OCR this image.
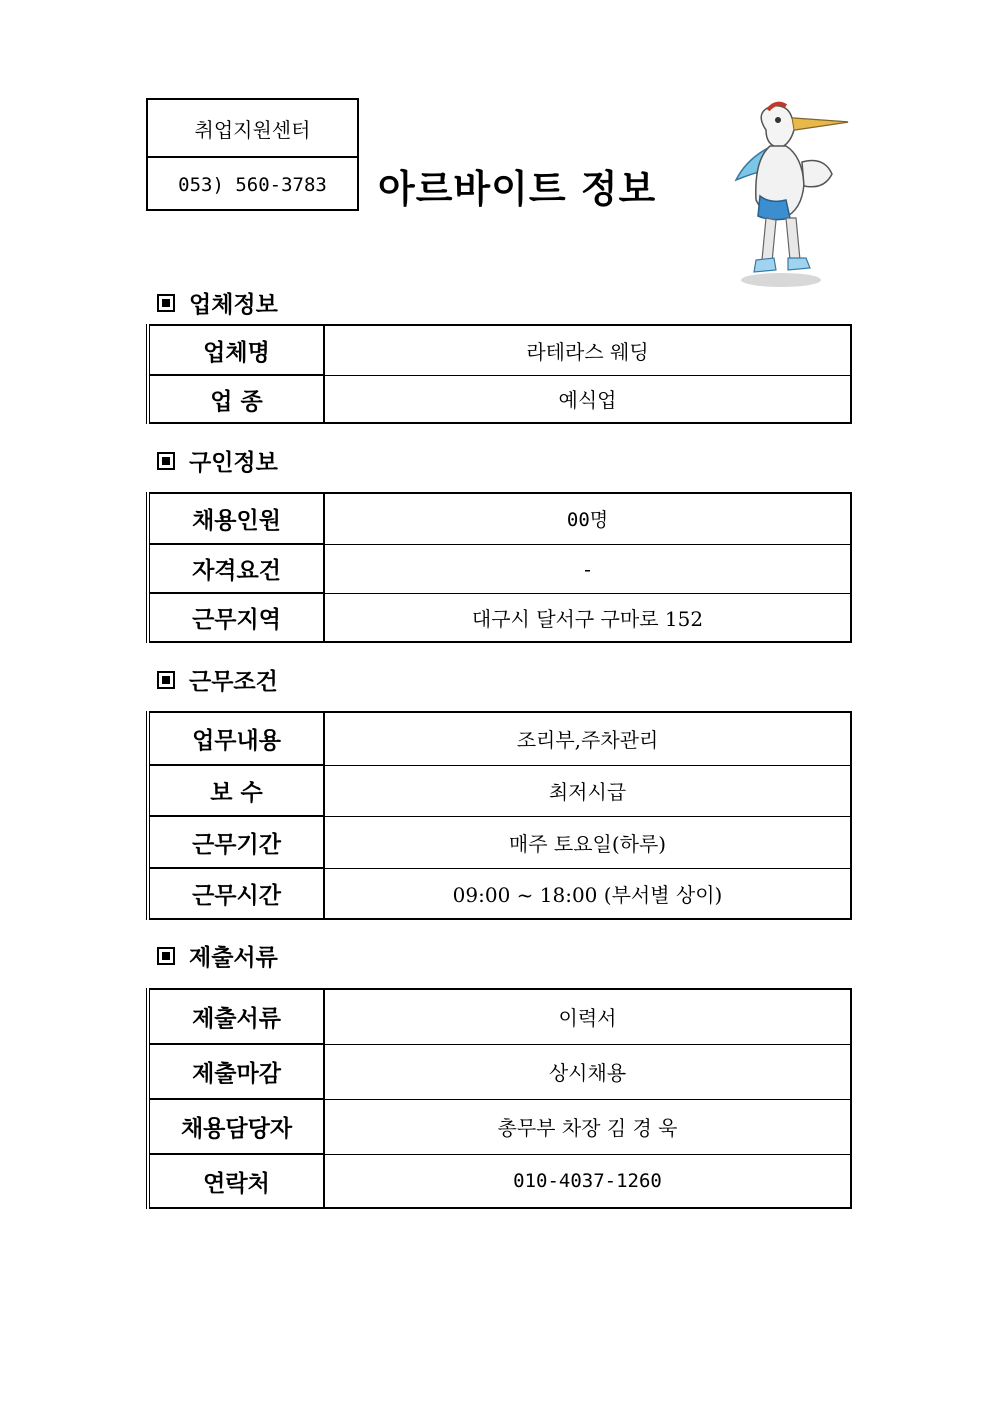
취업지원센터
053) 560-3783	아르바이트 정보
업체정보
업체명	라테라스 웨딩
업 종	예식업
구인정보
채용인원	00명
자격요건	-
근무지역	대구시 달서구 구마로 152
근무조건
업무내용	조리부,주차관리
보 수	최저시급
근무기간	매주 토요일(하루)
근무시간	09:00 ~ 18:00 (부서별 상이)
제출서류
제출서류	이력서
제출마감	상시채용
채용담당자	총무부 차장 김 경 욱
연락처	010-4037-1260
